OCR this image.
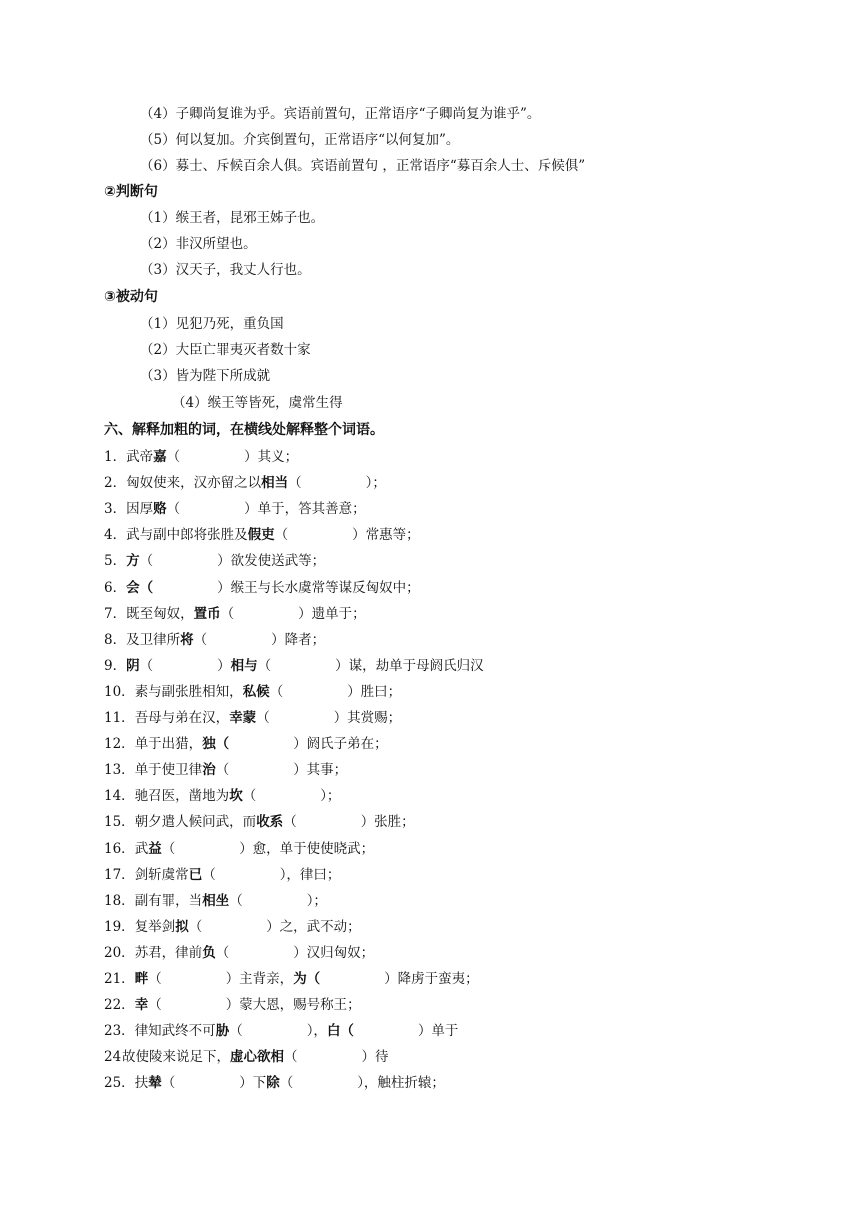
（4）子卿尚复谁为乎。宾语前置句，正常语序“子卿尚复为谁乎”。
（5）何以复加。介宾倒置句，正常语序“以何复加”。
（6）募士、斥候百余人俱。宾语前置句 ，正常语序“募百余人士、斥候俱”
②判断句
（1）缑王者，昆邪王姊子也。
（2）非汉所望也。
（3）汉天子，我丈人行也。
③被动句
（1）见犯乃死，重负国
（2）大臣亡罪夷灭者数十家
（3）皆为陛下所成就
（4）缑王等皆死，虞常生得
六、解释加粗的词，在横线处解释整个词语。
1．武帝嘉（	）其义；
2．匈奴使来，汉亦留之以相当（	）；
3．因厚赂（	）单于，答其善意；
4．武与副中郎将张胜及假吏（	）常惠等；
5．方（	）欲发使送武等；
6．会（	）缑王与长水虞常等谋反匈奴中；
7．既至匈奴，置币（	）遗单于；
8．及卫律所将（	）降者；
9．阴（	）相与（	）谋，劫单于母阏氏归汉
10．素与副张胜相知，私候（	）胜曰；
11．吾母与弟在汉，幸蒙（	）其赏赐；
12．单于出猎，独（	）阏氏子弟在；
13．单于使卫律治（	）其事；
14．驰召医，凿地为坎（	）；
15．朝夕遣人候问武，而收系（	）张胜；
16．武益（	）愈，单于使使晓武；
17．剑斩虞常已（	），律曰；
18．副有罪，当相坐（	）；
19．复举剑拟（	）之，武不动；
20．苏君，律前负（	）汉归匈奴；
21．畔（	）主背亲，为（	）降虏于蛮夷；
22．幸（	）蒙大恩，赐号称王；
23．律知武终不可胁（	），白（	）单于
24故使陵来说足下，虚心欲相（	）待
25．扶辇（	）下除（	），触柱折辕；
